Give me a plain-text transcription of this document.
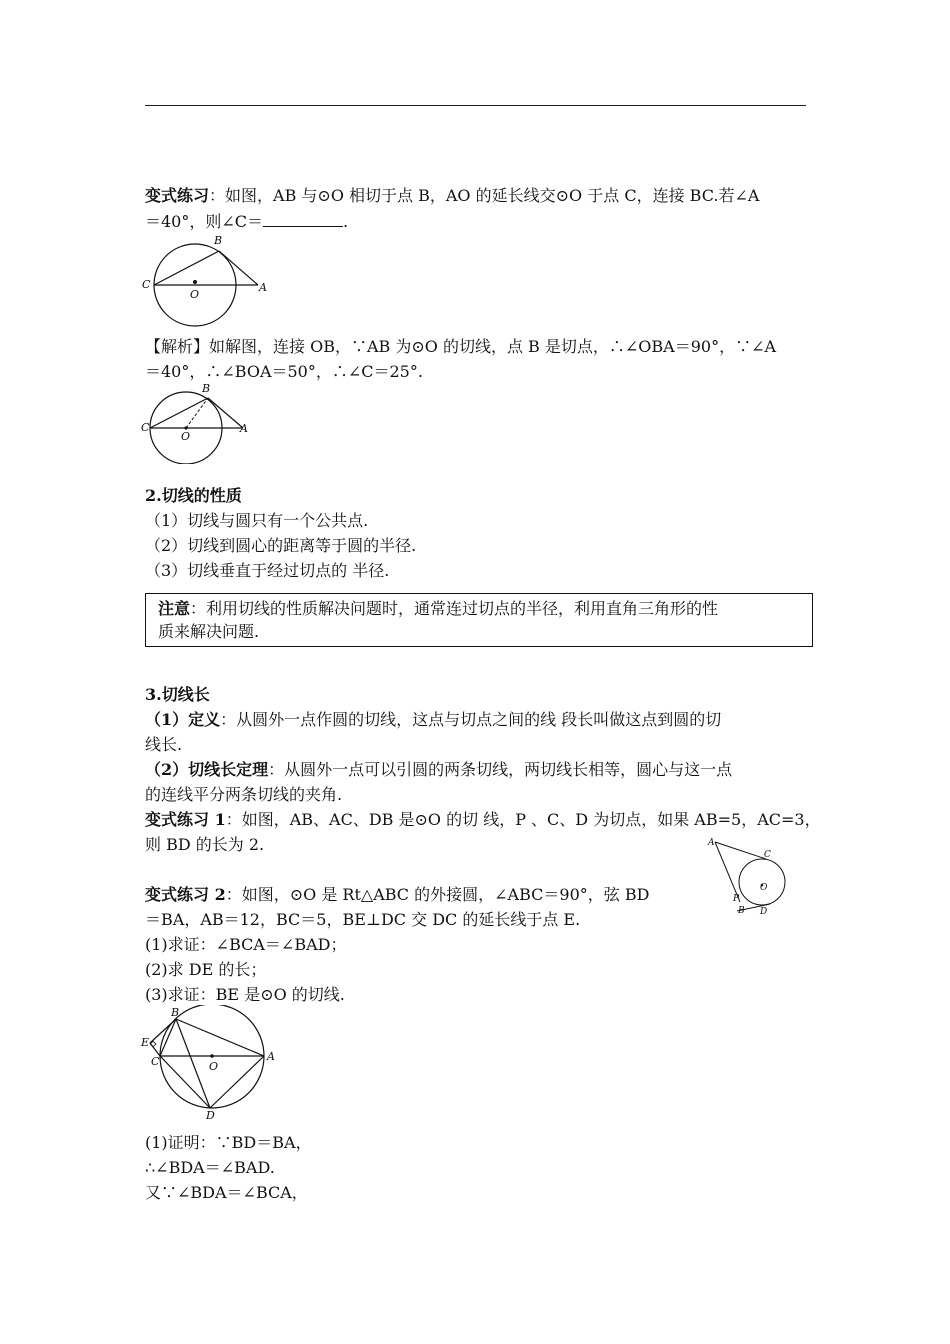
变式练习：如图，AB 与⊙O 相切于点 B，AO 的延长线交⊙O 于点 C，连接 BC.若∠A
＝40°，则∠C＝	.
B
C
O
A
【解析】如解图，连接 OB，∵AB 为⊙O 的切线，点 B 是切点，∴∠OBA＝90°，∵∠A
＝40°，∴∠BOA＝50°，∴∠C＝25°.
B
C
O
A
2.切线的性质
（1）切线与圆只有一个公共点.
（2）切线到圆心的距离等于圆的半径.
（3）切线垂直于经过切点的 半径.
注意：利用切线的性质解决问题时，通常连过切点的半径，利用直角三角形的性
质来解决问题.
3.切线长
（1）定义：从圆外一点作圆的切线，这点与切点之间的线 段长叫做这点到圆的切
线长.
（2）切线长定理：从圆外一点可以引圆的两条切线，两切线长相等，圆心与这一点
的连线平分两条切线的夹角.
变式练习 1：如图，AB、AC、DB 是⊙O 的切 线，P 、C、D 为切点，如果 AB=5，AC=3，
则 BD 的长为 2.	A
C
O
P
B D
变式练习 2：如图，⊙O 是 Rt△ABC 的外接圆，∠ABC＝90°，弦 BD
＝BA，AB＝12，BC＝5，BE⊥DC 交 DC 的延长线于点 E.
(1)求证：∠BCA＝∠BAD；
(2)求 DE 的长；
(3)求证：BE 是⊙O 的切线.
B
E
C	O
A
D
(1)证明：∵BD＝BA，
∴∠BDA＝∠BAD.
又∵∠BDA＝∠BCA，
